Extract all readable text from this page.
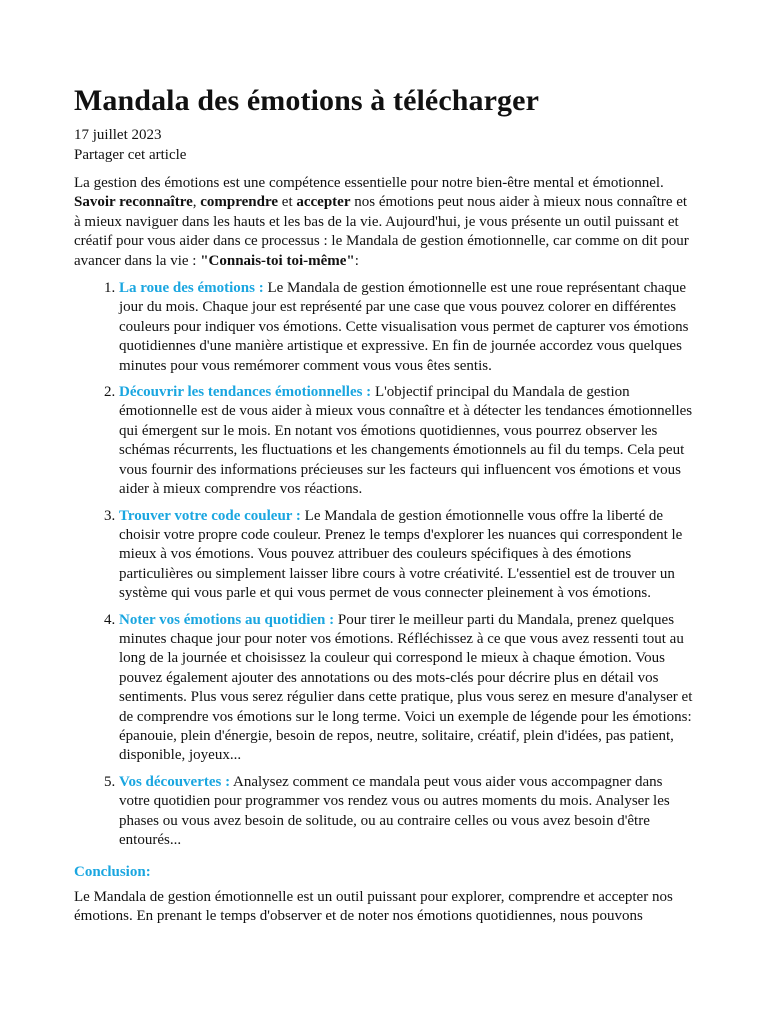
Mandala des émotions à télécharger
17 juillet 2023
Partager cet article

La gestion des émotions est une compétence essentielle pour notre bien-être mental et émotionnel. Savoir reconnaître, comprendre et accepter nos émotions peut nous aider à mieux nous connaître et à mieux naviguer dans les hauts et les bas de la vie. Aujourd'hui, je vous présente un outil puissant et créatif pour vous aider dans ce processus : le Mandala de gestion émotionnelle, car comme on dit pour avancer dans la vie : "Connais-toi toi-même":

1. La roue des émotions : Le Mandala de gestion émotionnelle est une roue représentant chaque jour du mois. Chaque jour est représenté par une case que vous pouvez colorer en différentes couleurs pour indiquer vos émotions. Cette visualisation vous permet de capturer vos émotions quotidiennes d'une manière artistique et expressive. En fin de journée accordez vous quelques minutes pour vous remémorer comment vous vous êtes sentis.
2. Découvrir les tendances émotionnelles : L'objectif principal du Mandala de gestion émotionnelle est de vous aider à mieux vous connaître et à détecter les tendances émotionnelles qui émergent sur le mois. En notant vos émotions quotidiennes, vous pourrez observer les schémas récurrents, les fluctuations et les changements émotionnels au fil du temps. Cela peut vous fournir des informations précieuses sur les facteurs qui influencent vos émotions et vous aider à mieux comprendre vos réactions.
3. Trouver votre code couleur : Le Mandala de gestion émotionnelle vous offre la liberté de choisir votre propre code couleur. Prenez le temps d'explorer les nuances qui correspondent le mieux à vos émotions. Vous pouvez attribuer des couleurs spécifiques à des émotions particulières ou simplement laisser libre cours à votre créativité. L'essentiel est de trouver un système qui vous parle et qui vous permet de vous connecter pleinement à vos émotions.
4. Noter vos émotions au quotidien : Pour tirer le meilleur parti du Mandala, prenez quelques minutes chaque jour pour noter vos émotions. Réfléchissez à ce que vous avez ressenti tout au long de la journée et choisissez la couleur qui correspond le mieux à chaque émotion. Vous pouvez également ajouter des annotations ou des mots-clés pour décrire plus en détail vos sentiments. Plus vous serez régulier dans cette pratique, plus vous serez en mesure d'analyser et de comprendre vos émotions sur le long terme. Voici un exemple de légende pour les émotions: épanouie, plein d'énergie, besoin de repos, neutre, solitaire, créatif, plein d'idées, pas patient, disponible, joyeux...
5. Vos découvertes : Analysez comment ce mandala peut vous aider vous accompagner dans votre quotidien pour programmer vos rendez vous ou autres moments du mois. Analyser les phases ou vous avez besoin de solitude, ou au contraire celles ou vous avez besoin d'être entourés...
Conclusion:

Le Mandala de gestion émotionnelle est un outil puissant pour explorer, comprendre et accepter nos émotions. En prenant le temps d'observer et de noter nos émotions quotidiennes, nous pouvons
